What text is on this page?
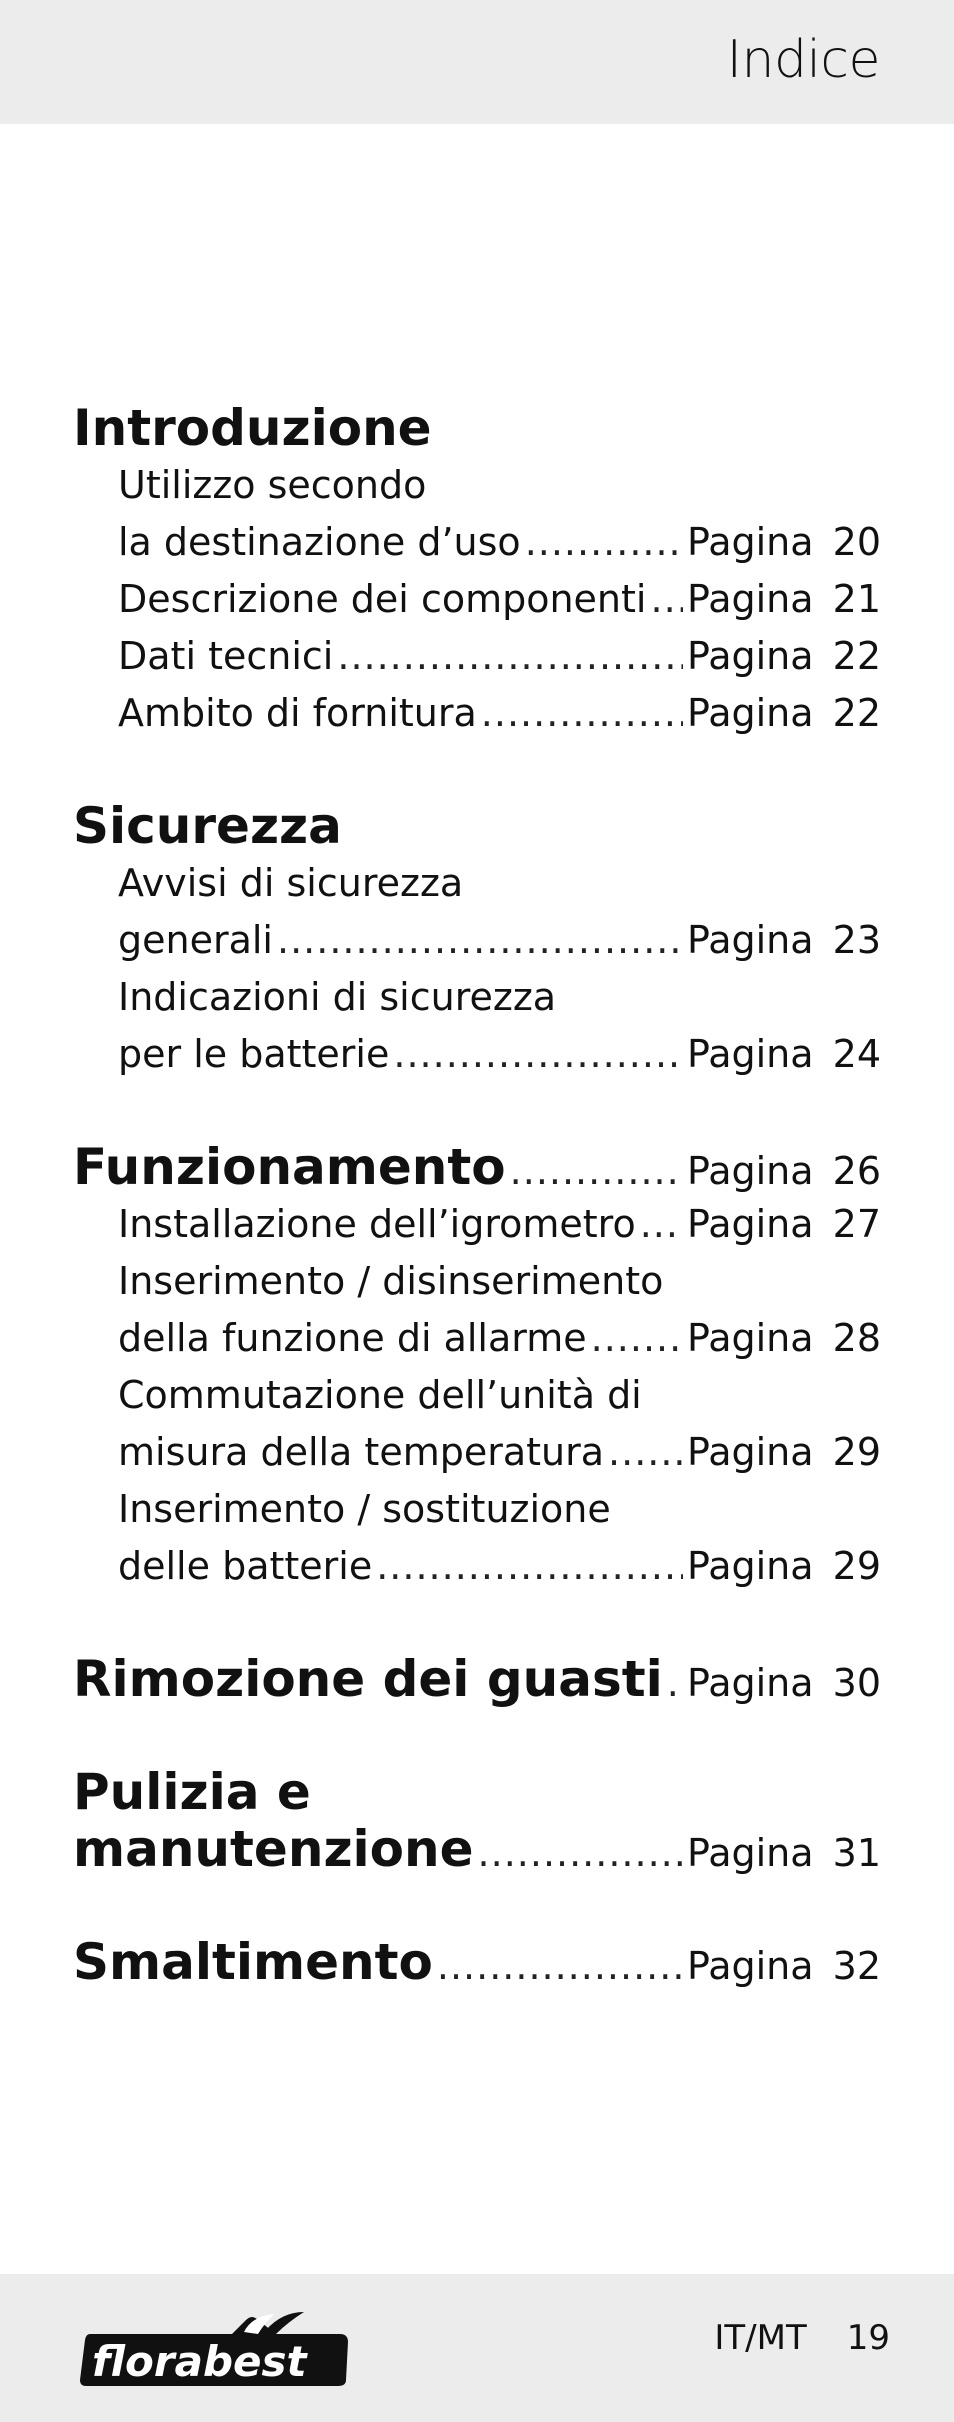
Indice
Introduzione
Utilizzo secondo
la destinazione d’uso .....	Pagina 20
Descrizione dei componenti ..... Pagina 21
Dati tecnici .....	Pagina 22
Ambito di fornitura .....	Pagina 22
Sicurezza
Avvisi di sicurezza
generali .....	Pagina 23
Indicazioni di sicurezza
per le batterie .....	Pagina 24
Funzionamento .....	Pagina 26
Installazione dell’igrometro ..... Pagina 27
Inserimento / disinserimento
della funzione di allarme .....	Pagina 28
Commutazione dell’unità di
misura della temperatura ..... Pagina 29
Inserimento / sostituzione
delle batterie .....	Pagina 29
Rimozione dei guasti ..... Pagina 30
Pulizia e
manutenzione .....	Pagina 31
Smaltimento .....	Pagina 32
florabest	IT/MT 19
